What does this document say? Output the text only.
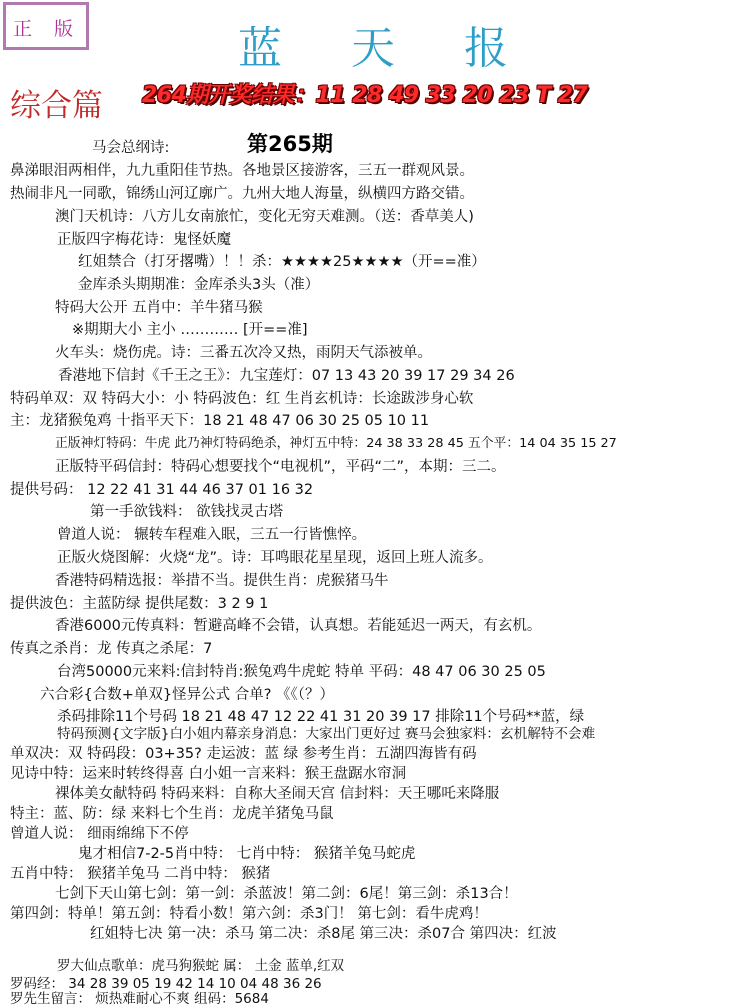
正 版	蓝 天 报
综合篇 264期开奖结果：11 28 49 33 20 23 T 27
第265期
马会总纲诗:
鼻涕眼泪两相伴，九九重阳佳节热。各地景区接游客，三五一群观风景。
热闹非凡一同歌，锦绣山河辽廓广。九州大地人海量，纵横四方路交错。
澳门天机诗：八方儿女南旅忙，变化无穷天难测。（送：香草美人)
正版四字梅花诗：鬼怪妖魔
红姐禁合（打牙撂嘴）！！杀：★★★★25★★★★（开==准）
金库杀头期期准：金库杀头3头（准）
特码大公开 五肖中：羊牛猪马猴
※期期大小 主小 ………… [开==准]
火车头：烧伤虎。诗：三番五次冷又热，雨阴天气添被单。
香港地下信封《千王之王》：九宝莲灯：07 13 43 20 39 17 29 34 26
特码单双：双 特码大小：小 特码波色：红 生肖玄机诗：长途跋涉身心软
主：龙猪猴兔鸡 十指平天下：18 21 48 47 06 30 25 05 10 11
正版神灯特码：牛虎 此乃神灯特码绝杀，神灯五中特：24 38 33 28 45 五个平：14 04 35 15 27
正版特平码信封：特码心想要找个“电视机”，平码“二”，本期：三二。
提供号码： 12 22 41 31 44 46 37 01 16 32
第一手欲钱料： 欲钱找灵古塔
曾道人说： 辗转车程难入眠，三五一行皆憔悴。
正版火烧图解：火烧“龙”。诗：耳鸣眼花星星现，返回上班人流多。
香港特码精选报：举措不当。提供生肖：虎猴猪马牛
提供波色：主蓝防绿 提供尾数：3 2 9 1
香港6000元传真料：暂避高峰不会错，认真想。若能延迟一两天，有玄机。
传真之杀肖：龙 传真之杀尾：7
台湾50000元来料:信封特肖:猴兔鸡牛虎蛇 特单 平码：48 47 06 30 25 05
六合彩{合数+单双}怪异公式 合单? 《《（？）
杀码排除11个号码 18 21 48 47 12 22 41 31 20 39 17 排除11个号码**蓝，绿
特码预测{文字版}白小姐内幕亲身消息：大家出门更好过 赛马会独家料：玄机解特不会难
单双决：双 特码段：03+35? 走运波：蓝 绿 参考生肖：五湖四海皆有码
见诗中特：运来时转终得喜 白小姐一言来料：猴王盘踞水帘洞
裸体美女献特码 特码来料：自称大圣闹天宫 信封料：天王哪吒来降服
特主：蓝、防：绿 来料七个生肖：龙虎羊猪兔马鼠
曾道人说： 细雨绵绵下不停
鬼才相信7-2-5肖中特： 七肖中特： 猴猪羊兔马蛇虎
五肖中特： 猴猪羊兔马 二肖中特： 猴猪
七剑下天山第七剑：第一剑：杀蓝波！第二剑：6尾！第三剑：杀13合！
第四剑：特单！第五剑：特看小数！第六剑：杀3门！ 第七剑：看牛虎鸡！
红姐特七决 第一决：杀马 第二决：杀8尾 第三决：杀07合 第四决：红波
罗大仙点歌单：虎马狗猴蛇 属： 土金 蓝单,红双
罗码经： 34 28 39 05 19 42 14 10 04 48 36 26
罗先生留言： 烦热难耐心不爽 组码：5684
